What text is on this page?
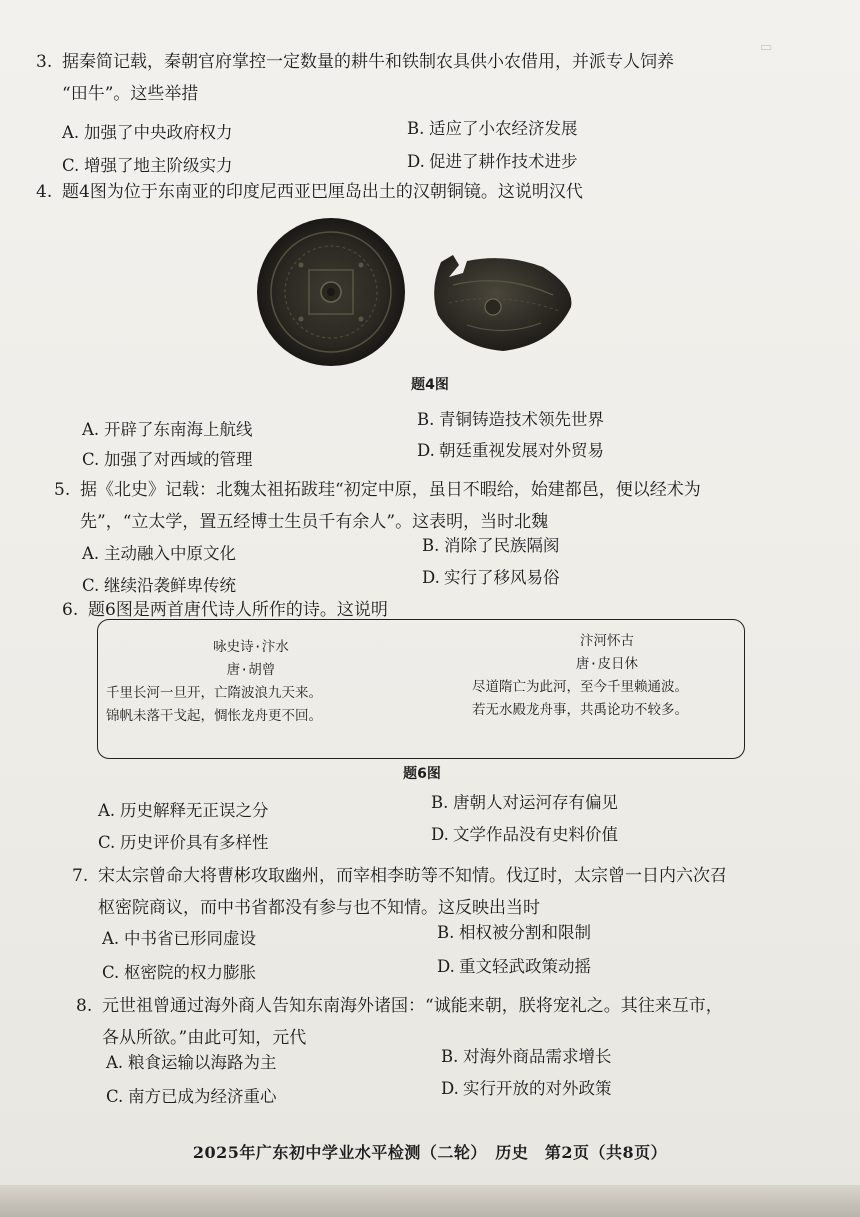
▭
3. 据秦简记载，秦朝官府掌控一定数量的耕牛和铁制农具供小农借用，并派专人饲养
“田牛”。这些举措
A. 加强了中央政府权力	B. 适应了小农经济发展
C. 增强了地主阶级实力	D. 促进了耕作技术进步
4. 题4图为位于东南亚的印度尼西亚巴厘岛出土的汉朝铜镜。这说明汉代
题4图
A. 开辟了东南海上航线
B. 青铜铸造技术领先世界
C. 加强了对西域的管理	D. 朝廷重视发展对外贸易
5. 据《北史》记载：北魏太祖拓跋珪“初定中原，虽日不暇给，始建都邑，便以经术为
先”，“立太学，置五经博士生员千有余人”。这表明，当时北魏
A. 主动融入中原文化	B. 消除了民族隔阂
C. 继续沿袭鲜卑传统	D. 实行了移风易俗
6. 题6图是两首唐代诗人所作的诗。这说明
咏史诗·汴水
唐·胡曾
千里长河一旦开，亡隋波浪九天来。
锦帆未落干戈起，惆怅龙舟更不回。
汴河怀古
唐·皮日休
尽道隋亡为此河，至今千里赖通波。
若无水殿龙舟事，共禹论功不较多。
题6图
A. 历史解释无正误之分	B. 唐朝人对运河存有偏见
C. 历史评价具有多样性	D. 文学作品没有史料价值
7. 宋太宗曾命大将曹彬攻取幽州，而宰相李昉等不知情。伐辽时，太宗曾一日内六次召
枢密院商议，而中书省都没有参与也不知情。这反映出当时
A. 中书省已形同虚设	B. 相权被分割和限制
C. 枢密院的权力膨胀	D. 重文轻武政策动摇
8. 元世祖曾通过海外商人告知东南海外诸国：“诚能来朝，朕将宠礼之。其往来互市，
各从所欲。”由此可知，元代
A. 粮食运输以海路为主	B. 对海外商品需求增长
C. 南方已成为经济重心	D. 实行开放的对外政策
2025年广东初中学业水平检测（二轮）　历史　第2页（共8页）
